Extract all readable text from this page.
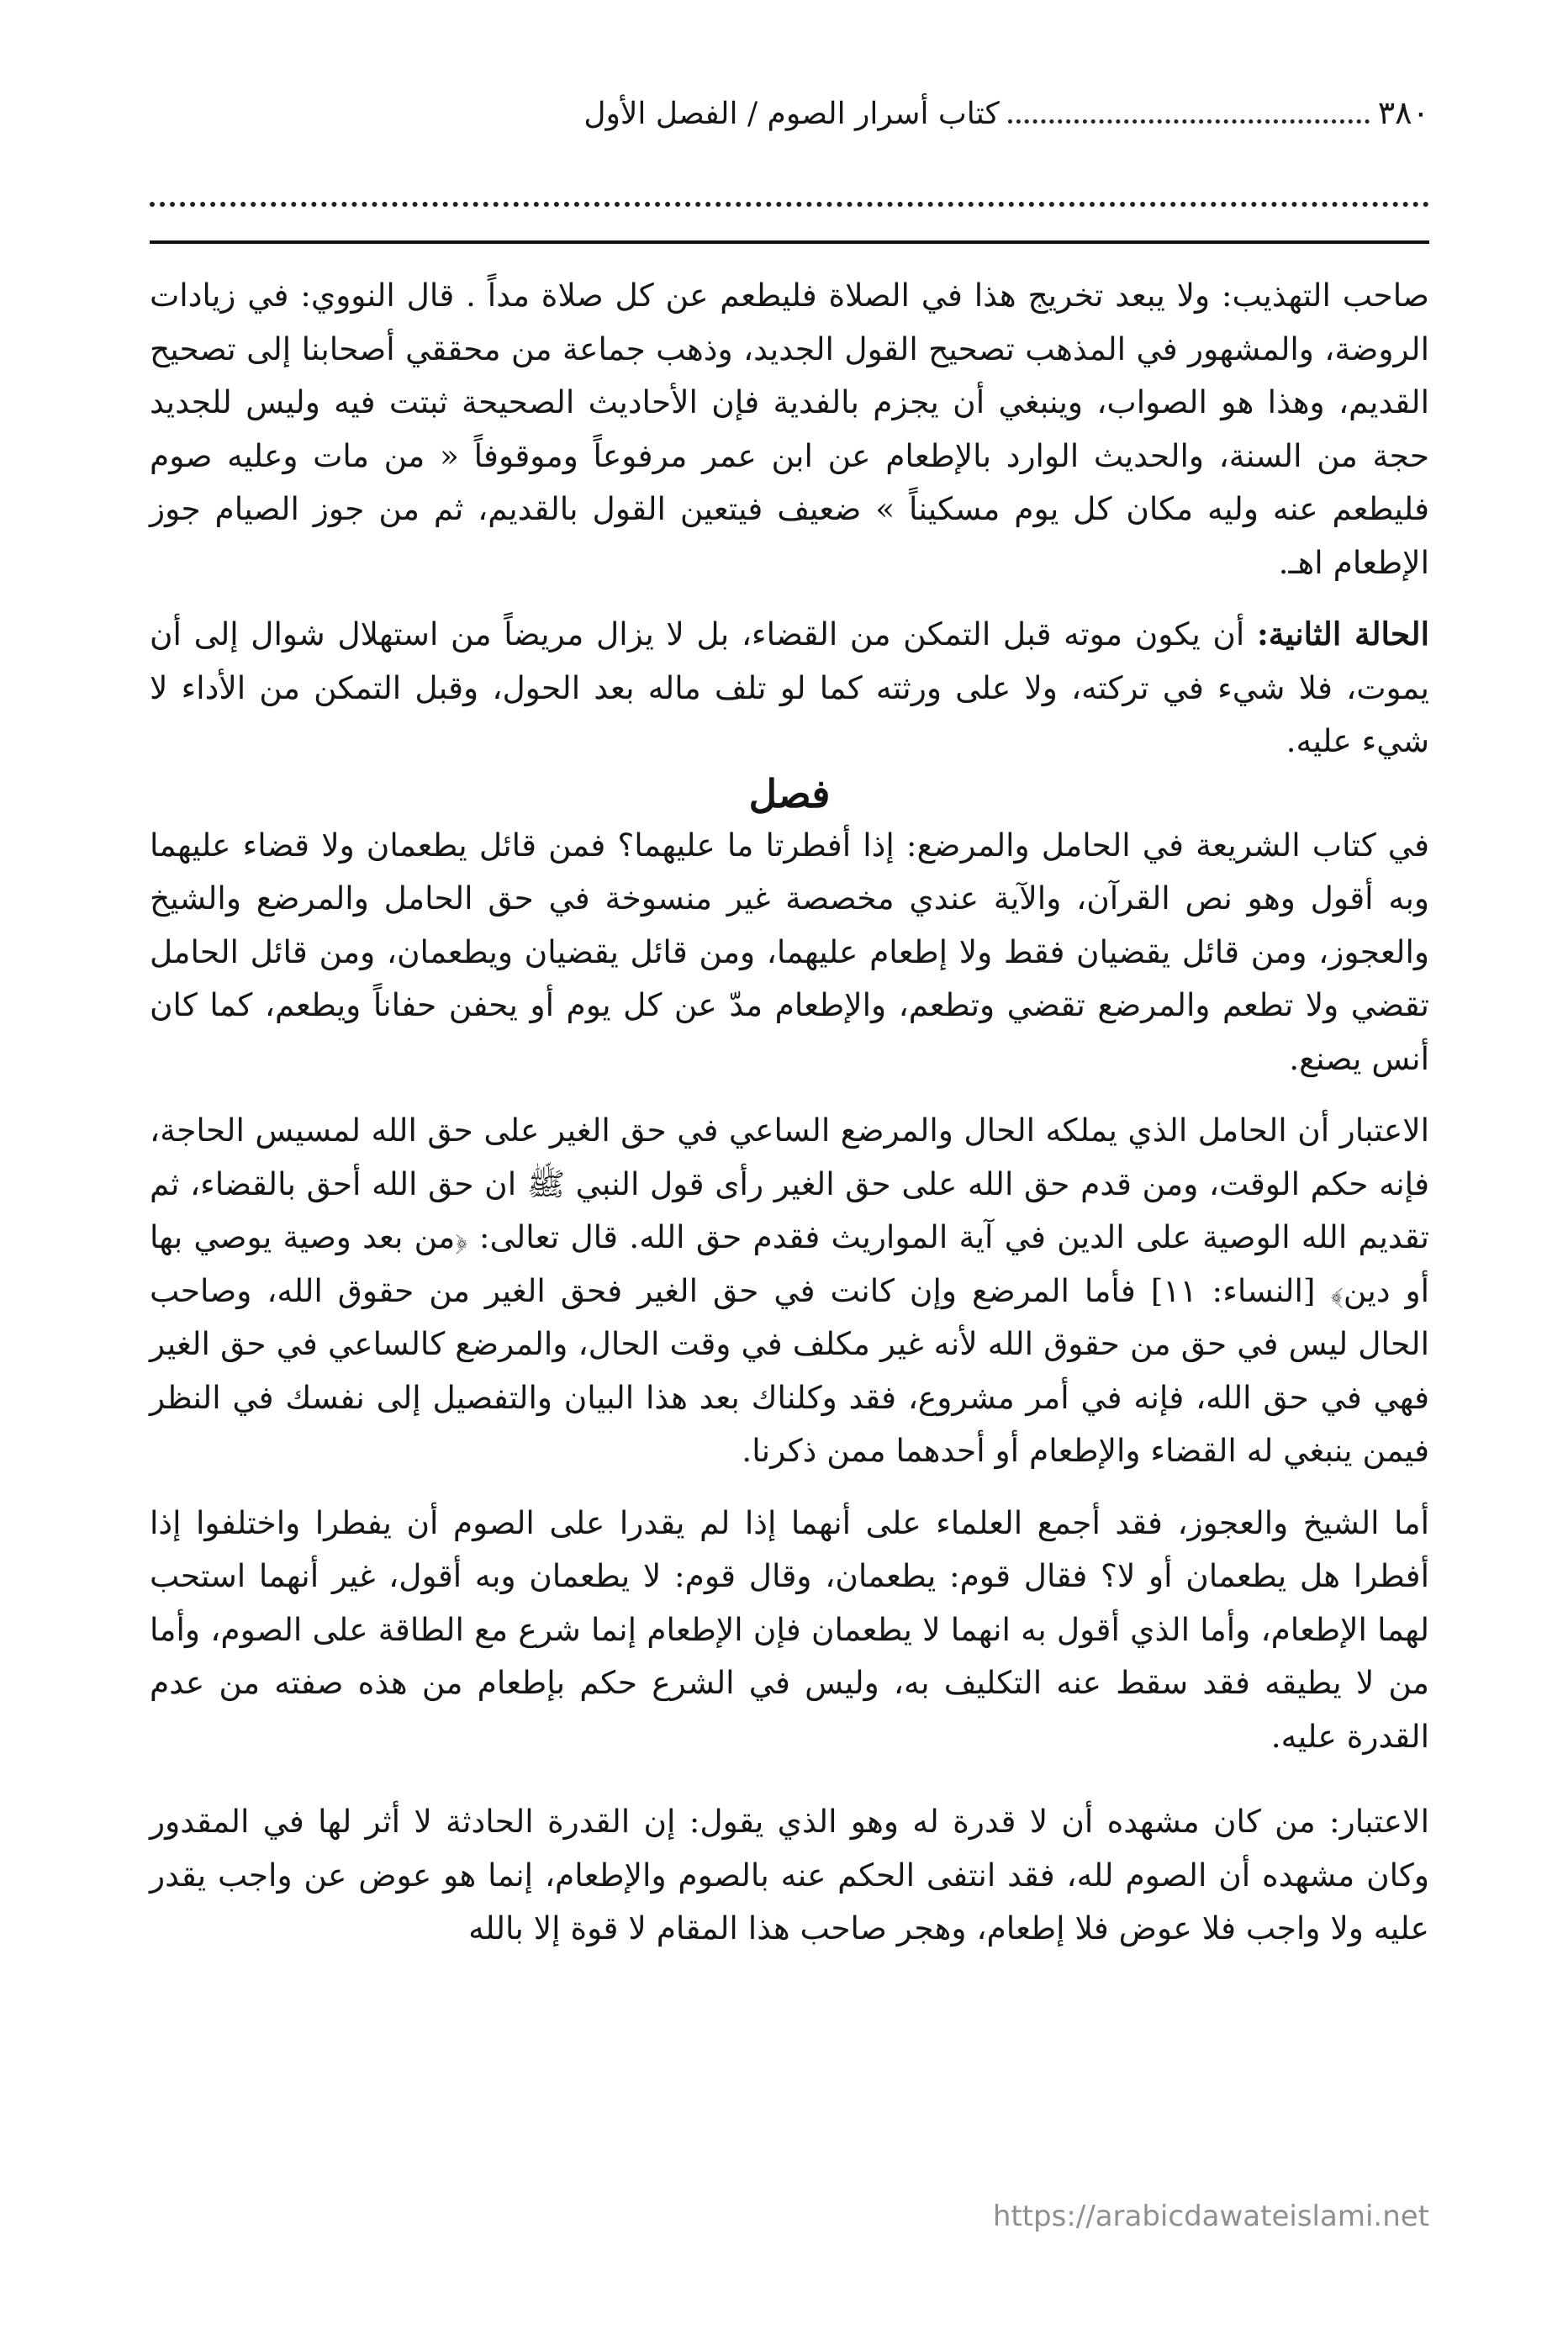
٣٨٠
كتاب أسرار الصوم / الفصل الأول

صاحب التهذيب: ولا يبعد تخريج هذا في الصلاة فليطعم عن كل صلاة مداً . قال النووي: في زيادات الروضة، والمشهور في المذهب تصحيح القول الجديد، وذهب جماعة من محققي أصحابنا إلى تصحيح القديم، وهذا هو الصواب، وينبغي أن يجزم بالفدية فإن الأحاديث الصحيحة ثبتت فيه وليس للجديد حجة من السنة، والحديث الوارد بالإطعام عن ابن عمر مرفوعاً وموقوفاً « من مات وعليه صوم فليطعم عنه وليه مكان كل يوم مسكيناً » ضعيف فيتعين القول بالقديم، ثم من جوز الصيام جوز الإطعام اهـ.

الحالة الثانية: أن يكون موته قبل التمكن من القضاء، بل لا يزال مريضاً من استهلال شوال إلى أن يموت، فلا شيء في تركته، ولا على ورثته كما لو تلف ماله بعد الحول، وقبل التمكن من الأداء لا شيء عليه.

فصل

في كتاب الشريعة في الحامل والمرضع: إذا أفطرتا ما عليهما؟ فمن قائل يطعمان ولا قضاء عليهما وبه أقول وهو نص القرآن، والآية عندي مخصصة غير منسوخة في حق الحامل والمرضع والشيخ والعجوز، ومن قائل يقضيان فقط ولا إطعام عليهما، ومن قائل يقضيان ويطعمان، ومن قائل الحامل تقضي ولا تطعم والمرضع تقضي وتطعم، والإطعام مدّ عن كل يوم أو يحفن حفاناً ويطعم، كما كان أنس يصنع.

الاعتبار أن الحامل الذي يملكه الحال والمرضع الساعي في حق الغير على حق الله لمسيس الحاجة، فإنه حكم الوقت، ومن قدم حق الله على حق الغير رأى قول النبي ﷺ ان حق الله أحق بالقضاء، ثم تقديم الله الوصية على الدين في آية المواريث فقدم حق الله. قال تعالى: ﴿من بعد وصية يوصي بها أو دين﴾ [النساء: ١١] فأما المرضع وإن كانت في حق الغير فحق الغير من حقوق الله، وصاحب الحال ليس في حق من حقوق الله لأنه غير مكلف في وقت الحال، والمرضع كالساعي في حق الغير فهي في حق الله، فإنه في أمر مشروع، فقد وكلناك بعد هذا البيان والتفصيل إلى نفسك في النظر فيمن ينبغي له القضاء والإطعام أو أحدهما ممن ذكرنا.

أما الشيخ والعجوز، فقد أجمع العلماء على أنهما إذا لم يقدرا على الصوم أن يفطرا واختلفوا إذا أفطرا هل يطعمان أو لا؟ فقال قوم: يطعمان، وقال قوم: لا يطعمان وبه أقول، غير أنهما استحب لهما الإطعام، وأما الذي أقول به انهما لا يطعمان فإن الإطعام إنما شرع مع الطاقة على الصوم، وأما من لا يطيقه فقد سقط عنه التكليف به، وليس في الشرع حكم بإطعام من هذه صفته من عدم القدرة عليه.

الاعتبار: من كان مشهده أن لا قدرة له وهو الذي يقول: إن القدرة الحادثة لا أثر لها في المقدور وكان مشهده أن الصوم لله، فقد انتفى الحكم عنه بالصوم والإطعام، إنما هو عوض عن واجب يقدر عليه ولا واجب فلا عوض فلا إطعام، وهجر صاحب هذا المقام لا قوة إلا بالله

https://arabicdawateislami.net
